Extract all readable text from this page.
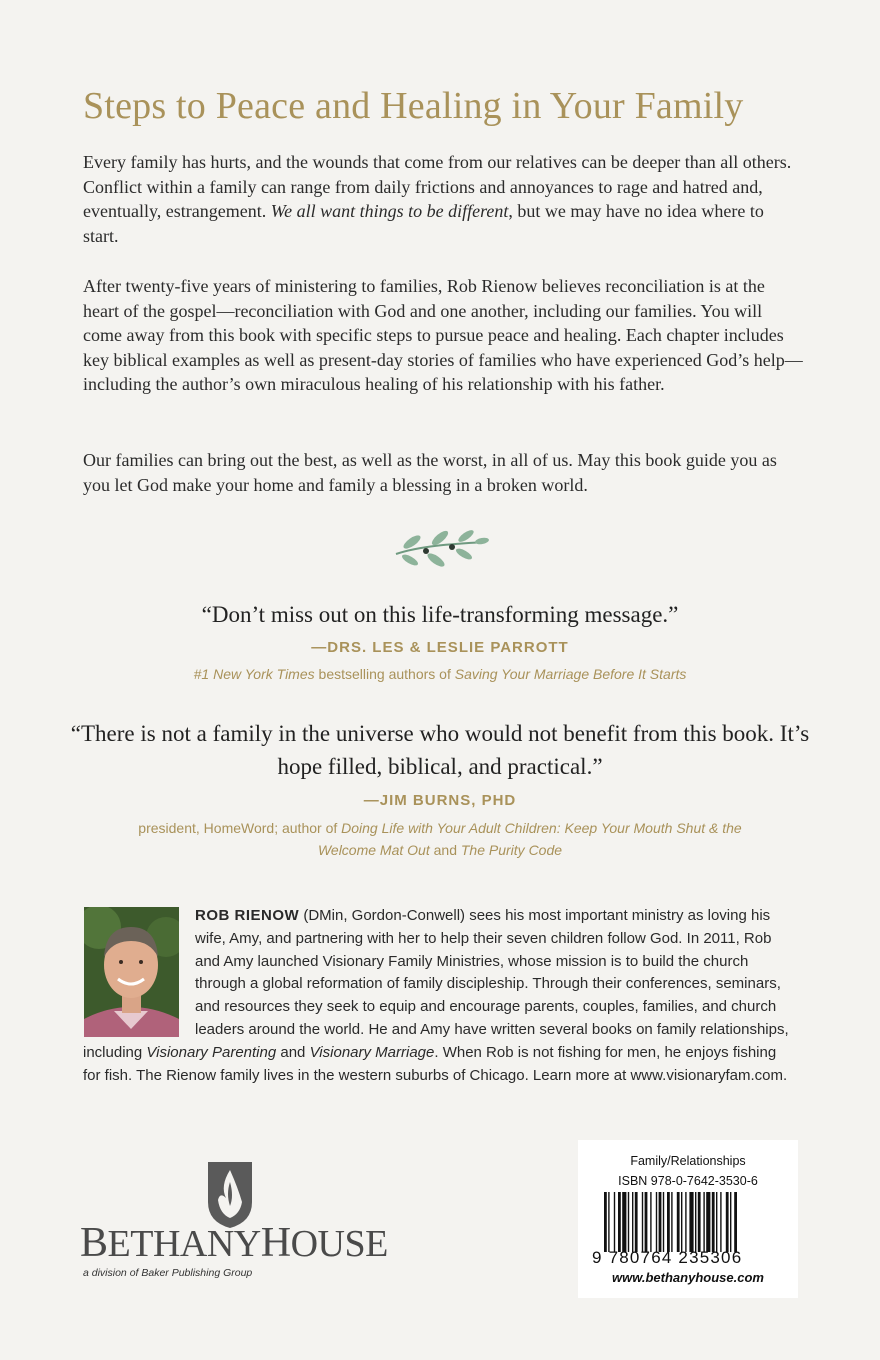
Steps to Peace and Healing in Your Family

Every family has hurts, and the wounds that come from our relatives can be deeper than all others. Conflict within a family can range from daily frictions and annoyances to rage and hatred and, eventually, estrangement. We all want things to be different, but we may have no idea where to start.

After twenty-five years of ministering to families, Rob Rienow believes reconciliation is at the heart of the gospel—reconciliation with God and one another, including our families. You will come away from this book with specific steps to pursue peace and healing. Each chapter includes key biblical examples as well as present-day stories of families who have experienced God’s help—including the author’s own miraculous healing of his relationship with his father.

Our families can bring out the best, as well as the worst, in all of us. May this book guide you as you let God make your home and family a blessing in a broken world.

“Don’t miss out on this life-transforming message.”

—DRS. LES & LESLIE PARROTT

#1 New York Times bestselling authors of Saving Your Marriage Before It Starts

“There is not a family in the universe who would not benefit from this book. It’s hope filled, biblical, and practical.”

—JIM BURNS, PHD

president, HomeWord; author of Doing Life with Your Adult Children: Keep Your Mouth Shut & the Welcome Mat Out and The Purity Code

ROB RIENOW (DMin, Gordon-Conwell) sees his most important ministry as loving his wife, Amy, and partnering with her to help their seven children follow God. In 2011, Rob and Amy launched Visionary Family Ministries, whose mission is to build the church through a global reformation of family discipleship. Through their conferences, seminars, and resources they seek to equip and encourage parents, couples, families, and church leaders around the world. He and Amy have written several books on family relationships, including Visionary Parenting and Visionary Marriage. When Rob is not fishing for men, he enjoys fishing for fish. The Rienow family lives in the western suburbs of Chicago. Learn more at www.visionaryfam.com.

BETHANYHOUSE
a division of Baker Publishing Group
Family/Relationships
ISBN 978-0-7642-3530-6
9 780764 235306
www.bethanyhouse.com
